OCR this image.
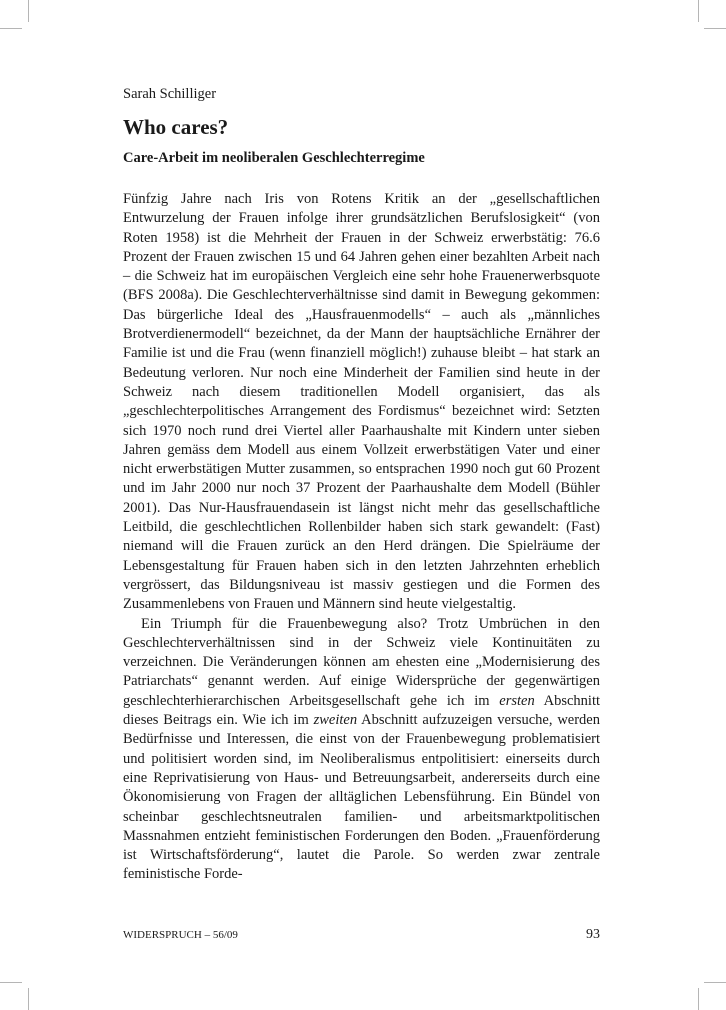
Sarah Schilliger

Who cares?
Care-Arbeit im neoliberalen Geschlechterregime

Fünfzig Jahre nach Iris von Rotens Kritik an der „gesellschaftlichen Entwurzelung der Frauen infolge ihrer grundsätzlichen Berufslosigkeit“ (von Roten 1958) ist die Mehrheit der Frauen in der Schweiz erwerbstätig: 76.6 Prozent der Frauen zwischen 15 und 64 Jahren gehen einer bezahlten Arbeit nach – die Schweiz hat im europäischen Vergleich eine sehr hohe Frauenerwerbsquote (BFS 2008a). Die Geschlechterverhältnisse sind damit in Bewegung gekommen: Das bürgerliche Ideal des „Hausfrauenmodells“ – auch als „männliches Brotverdienermodell“ bezeichnet, da der Mann der hauptsächliche Ernährer der Familie ist und die Frau (wenn finanziell möglich!) zuhause bleibt – hat stark an Bedeutung verloren. Nur noch eine Minderheit der Familien sind heute in der Schweiz nach diesem traditionellen Modell organisiert, das als „geschlechterpolitisches Arrangement des Fordismus“ bezeichnet wird: Setzten sich 1970 noch rund drei Viertel aller Paarhaushalte mit Kindern unter sieben Jahren gemäss dem Modell aus einem Vollzeit erwerbstätigen Vater und einer nicht erwerbstätigen Mutter zusammen, so entsprachen 1990 noch gut 60 Prozent und im Jahr 2000 nur noch 37 Prozent der Paarhaushalte dem Modell (Bühler 2001). Das Nur-Hausfrauendasein ist längst nicht mehr das gesellschaftliche Leitbild, die geschlechtlichen Rollenbilder haben sich stark gewandelt: (Fast) niemand will die Frauen zurück an den Herd drängen. Die Spielräume der Lebensgestaltung für Frauen haben sich in den letzten Jahrzehnten erheblich vergrössert, das Bildungsniveau ist massiv gestiegen und die Formen des Zusammenlebens von Frauen und Männern sind heute vielgestaltig.

Ein Triumph für die Frauenbewegung also? Trotz Umbrüchen in den Geschlechterverhältnissen sind in der Schweiz viele Kontinuitäten zu verzeichnen. Die Veränderungen können am ehesten eine „Modernisierung des Patriarchats“ genannt werden. Auf einige Widersprüche der gegenwärtigen geschlechterhierarchischen Arbeitsgesellschaft gehe ich im ersten Abschnitt dieses Beitrags ein. Wie ich im zweiten Abschnitt aufzuzeigen versuche, werden Bedürfnisse und Interessen, die einst von der Frauenbewegung problematisiert und politisiert worden sind, im Neoliberalismus entpolitisiert: einerseits durch eine Reprivatisierung von Haus- und Betreuungsarbeit, andererseits durch eine Ökonomisierung von Fragen der alltäglichen Lebensführung. Ein Bündel von scheinbar geschlechtsneutralen familien- und arbeitsmarktpolitischen Massnahmen entzieht feministischen Forderungen den Boden. „Frauenförderung ist Wirtschaftsförderung“, lautet die Parole. So werden zwar zentrale feministische Forde-

WIDERSPRUCH – 56/09	93
